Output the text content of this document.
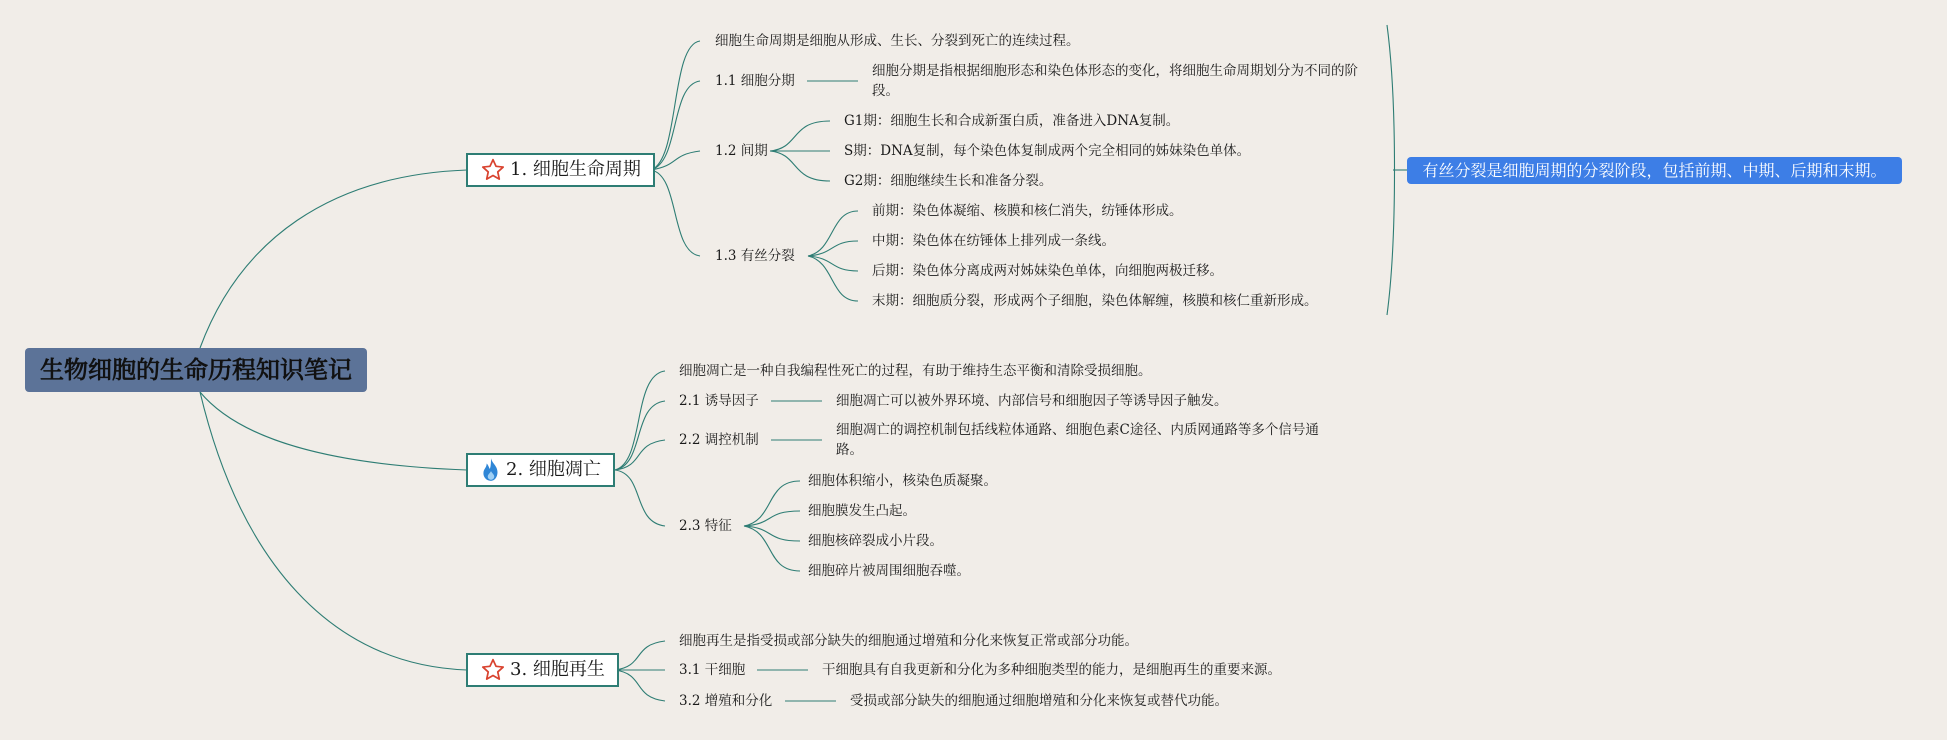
生物细胞的生命历程知识笔记
1. 细胞生命周期
2. 细胞凋亡
3. 细胞再生
细胞生命周期是细胞从形成、生长、分裂到死亡的连续过程。
1.1 细胞分期
细胞分期是指根据细胞形态和染色体形态的变化，将细胞生命周期划分为不同的阶段。
1.2 间期
G1期：细胞生长和合成新蛋白质，准备进入DNA复制。
S期：DNA复制，每个染色体复制成两个完全相同的姊妹染色单体。
G2期：细胞继续生长和准备分裂。
1.3 有丝分裂
前期：染色体凝缩、核膜和核仁消失，纺锤体形成。
中期：染色体在纺锤体上排列成一条线。
后期：染色体分离成两对姊妹染色单体，向细胞两极迁移。
末期：细胞质分裂，形成两个子细胞，染色体解缠，核膜和核仁重新形成。
细胞凋亡是一种自我编程性死亡的过程，有助于维持生态平衡和清除受损细胞。
2.1 诱导因子	细胞凋亡可以被外界环境、内部信号和细胞因子等诱导因子触发。
2.2 调控机制
细胞凋亡的调控机制包括线粒体通路、细胞色素C途径、内质网通路等多个信号通路。
2.3 特征
细胞体积缩小，核染色质凝聚。
细胞膜发生凸起。
细胞核碎裂成小片段。
细胞碎片被周围细胞吞噬。
细胞再生是指受损或部分缺失的细胞通过增殖和分化来恢复正常或部分功能。
3.1 干细胞	干细胞具有自我更新和分化为多种细胞类型的能力，是细胞再生的重要来源。
3.2 增殖和分化	受损或部分缺失的细胞通过细胞增殖和分化来恢复或替代功能。
有丝分裂是细胞周期的分裂阶段，包括前期、中期、后期和末期。
